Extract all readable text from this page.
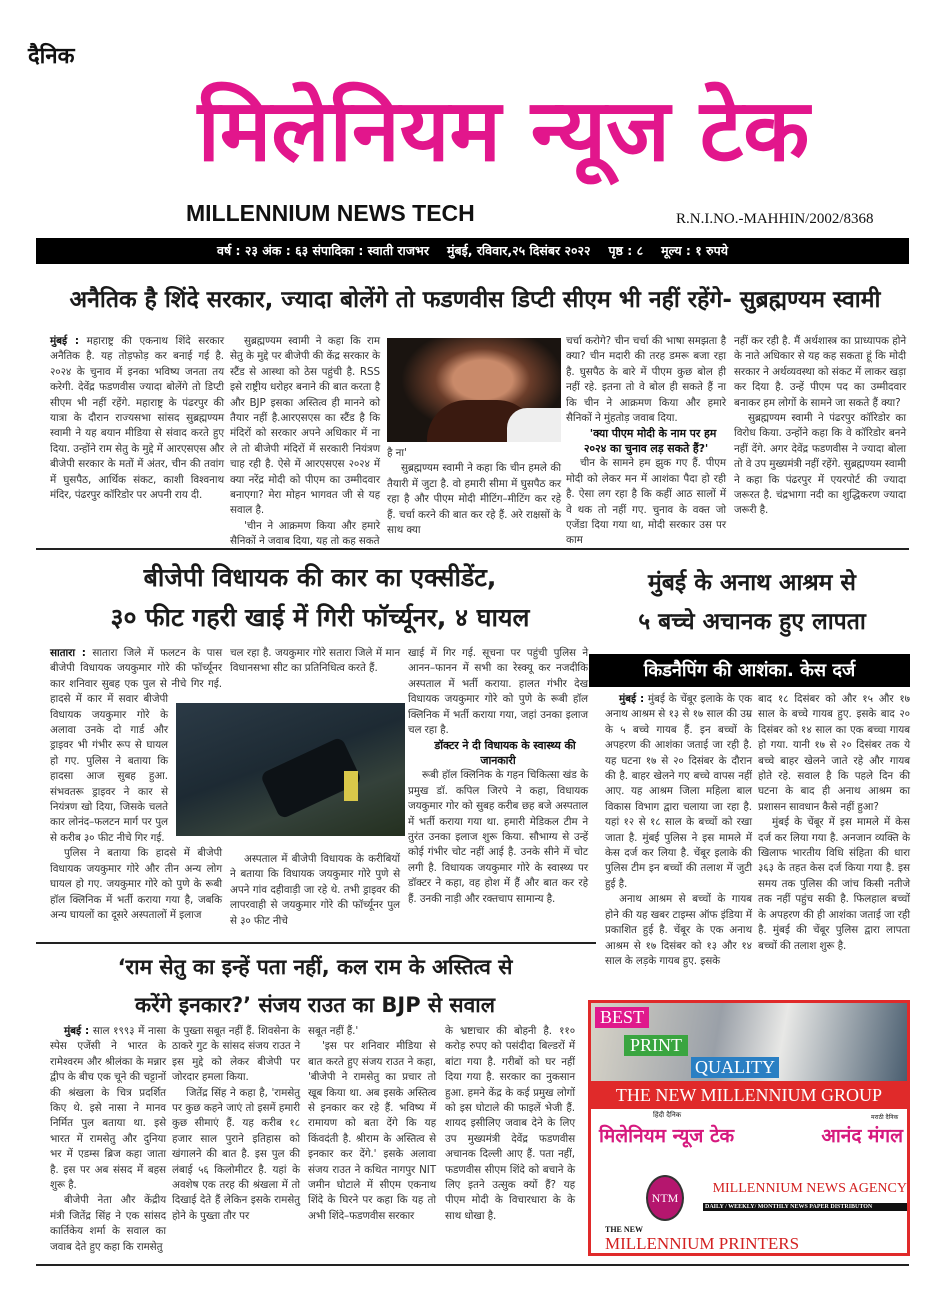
दैनिक
मिलेनियम न्यूज टेक
MILLENNIUM NEWS TECH	R.N.I.NO.-MAHHIN/2002/8368
वर्ष : २३ अंक : ६३ संपादिका : स्वाती राजभर मुंबई, रविवार,२५ दिसंबर २०२२ पृष्ठ : ८ मूल्य : १ रुपये
अनैतिक है शिंदे सरकार, ज्यादा बोलेंगे तो फडणवीस डिप्टी सीएम भी नहीं रहेंगे- सुब्रह्मण्यम स्वामी

मुंबई : महाराष्ट्र की एकनाथ शिंदे सरकार अनैतिक है. यह तोड़फोड़ कर बनाई गई है. २०२४ के चुनाव में इनका भविष्य जनता तय करेगी. देवेंद्र फडणवीस ज्यादा बोलेंगे तो डिप्टी सीएम भी नहीं रहेंगे. महाराष्ट्र के पंढरपुर की यात्रा के दौरान राज्यसभा सांसद सुब्रह्मण्यम स्वामी ने यह बयान मीडिया से संवाद करते हुए दिया. उन्होंने राम सेतु के मुद्दे में आरएसएस और बीजेपी सरकार के मतों में अंतर, चीन की तवांग में घुसपैठ, आर्थिक संकट, काशी विश्वनाथ मंदिर, पंढरपुर कॉरिडोर पर अपनी राय दी.

सुब्रह्मण्यम स्वामी ने कहा कि राम सेतु के मुद्दे पर बीजेपी की केंद्र सरकार के स्टैंड से आस्था को ठेस पहुंची है. RSS इसे राष्ट्रीय धरोहर बनाने की बात करता है और BJP इसका अस्तित्व ही मानने को तैयार नहीं है.आरएसएस का स्टैंड है कि मंदिरों को सरकार अपने अधिकार में ना ले तो बीजेपी मंदिरों में सरकारी नियंत्रण चाह रही है. ऐसे में आरएसएस २०२४ में क्या नरेंद्र मोदी को पीएम का उम्मीदवार बनाएगा? मेरा मोहन भागवत जी से यह सवाल है.

'चीन ने आक्रमण किया और हमारे सैनिकों ने जवाब दिया, यह तो कह सकते

है ना'

सुब्रह्मण्यम स्वामी ने कहा कि चीन हमले की तैयारी में जुटा है. वो हमारी सीमा में घुसपैठ कर रहा है और पीएम मोदी मीटिंग–मीटिंग कर रहे हैं. चर्चा करने की बात कर रहे हैं. अरे राक्षसों के साथ क्या

चर्चा करोगे? चीन चर्चा की भाषा समझता है क्या? चीन मदारी की तरह डमरू बजा रहा है. घुसपैठ के बारे में पीएम कुछ बोल ही नहीं रहे. इतना तो वे बोल ही सकते हैं ना कि चीन ने आक्रमण किया और हमारे सैनिकों ने मुंहतोड़ जवाब दिया.

'क्या पीएम मोदी के नाम पर हम २०२४ का चुनाव लड़ सकते हैं?'

चीन के सामने हम झुक गए हैं. पीएम मोदी को लेकर मन में आशंका पैदा हो रही है. ऐसा लग रहा है कि कहीं आठ सालों में वे थक तो नहीं गए. चुनाव के वक्त जो एजेंडा दिया गया था, मोदी सरकार उस पर काम

नहीं कर रही है. मैं अर्थशास्त्र का प्राध्यापक होने के नाते अधिकार से यह कह सकता हूं कि मोदी सरकार ने अर्थव्यवस्था को संकट में लाकर खड़ा कर दिया है. उन्हें पीएम पद का उम्मीदवार बनाकर हम लोगों के सामने जा सकते हैं क्या?

सुब्रह्मण्यम स्वामी ने पंढरपुर कॉरिडोर का विरोध किया. उन्होंने कहा कि वे कॉरिडोर बनने नहीं देंगे. अगर देवेंद्र फडणवीस ने ज्यादा बोला तो वे उप मुख्यमंत्री नहीं रहेंगे. सुब्रह्मण्यम स्वामी ने कहा कि पंढरपुर में एयरपोर्ट की ज्यादा जरूरत है. चंद्रभागा नदी का शुद्धिकरण ज्यादा जरूरी है.

बीजेपी विधायक की कार का एक्सीडेंट,
३० फीट गहरी खाई में गिरी फॉर्च्यूनर, ४ घायल

सातारा : सातारा जिले में फलटन के पास बीजेपी विधायक जयकुमार गोरे की फॉर्च्यूनर कार शनिवार सुबह एक पुल से नीचे गिर गई. हादसे में कार में सवार बीजेपी विधायक जयकुमार गोरे के अलावा उनके दो गार्ड और ड्राइवर भी गंभीर रूप से घायल हो गए. पुलिस ने बताया कि हादसा आज सुबह हुआ. संभवतरू ड्राइवर ने कार से नियंत्रण खो दिया, जिसके चलते कार लोनंद–फलटन मार्ग पर पुल से करीब ३० फीट नीचे गिर गई.

पुलिस ने बताया कि हादसे में बीजेपी विधायक जयकुमार गोरे और तीन अन्य लोग घायल हो गए. जयकुमार गोरे को पुणे के रूबी हॉल क्लिनिक में भर्ती कराया गया है, जबकि अन्य घायलों का दूसरे अस्पतालों में इलाज

चल रहा है. जयकुमार गोरे सतारा जिले में मान विधानसभा सीट का प्रतिनिधित्व करते हैं.

अस्पताल में बीजेपी विधायक के करीबियों ने बताया कि विधायक जयकुमार गोरे पुणे से अपने गांव दहीवाड़ी जा रहे थे. तभी ड्राइवर की लापरवाही से जयकुमार गोरे की फॉर्च्यूनर पुल से ३० फीट नीचे

खाई में गिर गई. सूचना पर पहुंची पुलिस ने आनन–फानन में सभी का रेस्क्यू कर नजदीकि अस्पताल में भर्ती कराया. हालत गंभीर देख विधायक जयकुमार गोरे को पुणे के रूबी हॉल क्लिनिक में भर्ती कराया गया, जहां उनका इलाज चल रहा है.

डॉक्टर ने दी विधायक के स्वास्थ्य की जानकारी

रूबी हॉल क्लिनिक के गहन चिकित्सा खंड के प्रमुख डॉ. कपिल जिरपे ने कहा, विधायक जयकुमार गोर को सुबह करीब छह बजे अस्पताल में भर्ती कराया गया था. हमारी मेडिकल टीम ने तुरंत उनका इलाज शुरू किया. सौभाग्य से उन्हें कोई गंभीर चोट नहीं आई है. उनके सीने में चोट लगी है. विधायक जयकुमार गोरे के स्वास्थ्य पर डॉक्टर ने कहा, वह होश में हैं और बात कर रहे हैं. उनकी नाड़ी और रक्तचाप सामान्य है.

मुंबई के अनाथ आश्रम से
५ बच्चे अचानक हुए लापता
किडनैपिंग की आशंका. केस दर्ज

मुंबई : मुंबई के चेंबूर इलाके के एक अनाथ आश्रम से १३ से १७ साल की उम्र के ५ बच्चे गायब हैं. इन बच्चों के अपहरण की आशंका जताई जा रही है. यह घटना १७ से २० दिसंबर के दौरान की है. बाहर खेलने गए बच्चे वापस नहीं आए. यह आश्रम जिला महिला बाल विकास विभाग द्वारा चलाया जा रहा है. यहां १२ से १८ साल के बच्चों को रखा जाता है. मुंबई पुलिस ने इस मामले में केस दर्ज कर लिया है. चेंबूर इलाके की पुलिस टीम इन बच्चों की तलाश में जुटी हुई है.

अनाथ आश्रम से बच्चों के गायब होने की यह खबर टाइम्स ऑफ इंडिया में प्रकाशित हुई है. चेंबूर के एक अनाथ आश्रम से १७ दिसंबर को १३ और १४ साल के लड़के गायब हुए. इसके

बाद १८ दिसंबर को और १५ और १७ साल के बच्चे गायब हुए. इसके बाद २० दिसंबर को १४ साल का एक बच्चा गायब हो गया. यानी १७ से २० दिसंबर तक ये बच्चे बाहर खेलने जाते रहे और गायब होते रहे. सवाल है कि पहले दिन की घटना के बाद ही अनाथ आश्रम का प्रशासन सावधान कैसे नहीं हुआ?

मुंबई के चेंबूर में इस मामले में केस दर्ज कर लिया गया है. अनजान व्यक्ति के खिलाफ भारतीय विधि संहिता की धारा ३६३ के तहत केस दर्ज किया गया है. इस समय तक पुलिस की जांच किसी नतीजे तक नहीं पहुंच सकी है. फिलहाल बच्चों के अपहरण की ही आशंका जताई जा रही है. मुंबई की चेंबूर पुलिस द्वारा लापता बच्चों की तलाश शुरू है.

‘राम सेतु का इन्हें पता नहीं, कल राम के अस्तित्व से
करेंगे इनकार?’ संजय राउत का BJP से सवाल

मुंबई : साल १९९३ में नासा स्पेस एजेंसी ने भारत के रामेश्वरम और श्रीलंका के मन्नार द्वीप के बीच एक चूने की चट्टानों की श्रंखला के चित्र प्रदर्शित किए थे. इसे नासा ने मानव निर्मित पुल बताया था. इसे भारत में रामसेतु और दुनिया भर में एडम्स ब्रिज कहा जाता है. इस पर अब संसद में बहस शुरू है.

बीजेपी नेता और केंद्रीय मंत्री जितेंद्र सिंह ने एक सांसद कार्तिकेय शर्मा के सवाल का जवाब देते हुए कहा कि रामसेतु

के पुख्ता सबूत नहीं हैं. शिवसेना के ठाकरे गुट के सांसद संजय राउत ने इस मुद्दे को लेकर बीजेपी पर जोरदार हमला किया.

जितेंद्र सिंह ने कहा है, 'रामसेतु पर कुछ कहने जाएं तो इसमें हमारी कुछ सीमाएं हैं. यह करीब १८ हजार साल पुराने इतिहास को खंगालने की बात है. इस पुल की लंबाई ५६ किलोमीटर है. यहां के अवशेष एक तरह की श्रंखला में तो दिखाई देते हैं लेकिन इसके रामसेतु होने के पुख्ता तौर पर

सबूत नहीं हैं.'

'इस पर शनिवार मीडिया से बात करते हुए संजय राउत ने कहा, 'बीजेपी ने रामसेतु का प्रचार तो खूब किया था. अब इसके अस्तित्व से इनकार कर रहे हैं. भविष्य में रामायण को बता देंगे कि यह किंवदंती है. श्रीराम के अस्तित्व से इनकार कर देंगे.' इसके अलावा संजय राउत ने कथित नागपुर NIT जमीन घोटाले में सीएम एकनाथ शिंदे के घिरने पर कहा कि यह तो अभी शिंदे–फडणवीस सरकार

के भ्रष्टाचार की बोहनी है. ११० करोड़ रुपए को पसंदीदा बिल्डरों में बांटा गया है. गरीबों को घर नहीं दिया गया है. सरकार का नुकसान हुआ. हमने केंद्र के कई प्रमुख लोगों को इस घोटाले की फाइलें भेजी हैं. शायद इसीलिए जवाब देने के लिए उप मुख्यमंत्री देवेंद्र फडणवीस अचानक दिल्ली आए हैं. पता नहीं, फडणवीस सीएम शिंदे को बचाने के लिए इतने उत्सुक क्यों हैं? यह पीएम मोदी के विचारधारा के के साथ धोखा है.

BEST
PRINT
QUALITY
THE NEW MILLENNIUM GROUP
हिंदी दैनिक
मिलेनियम न्यूज टेक
मराठी दैनिक
आनंद मंगल
NTM
MILLENNIUM NEWS AGENCY
DAILY / WEEKLY/ MONTHLY NEWS PAPER DISTRIBUTON
THE NEW
MILLENNIUM PRINTERS
